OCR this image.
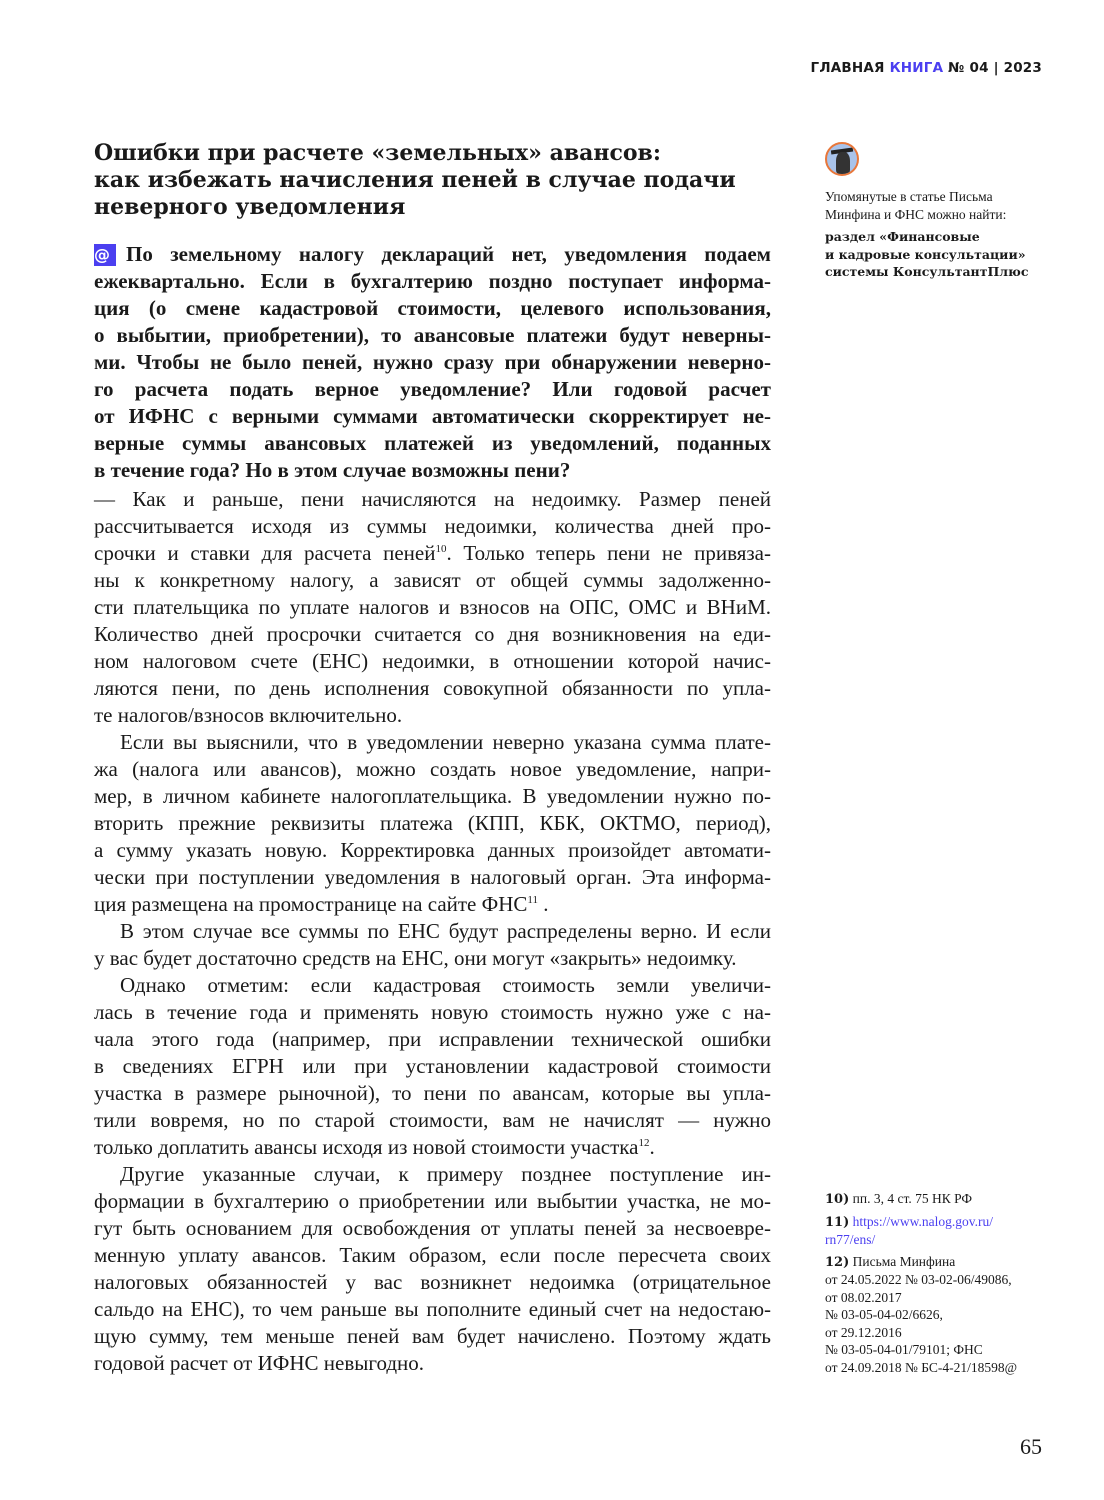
ГЛАВНАЯ КНИГА № 04 | 2023
Ошибки при расчете «земельных» авансов:
как избежать начисления пеней в случае подачи
неверного уведомления
@ По земельному налогу деклараций нет, уведомления подаем
ежеквартально. Если в бухгалтерию поздно поступает информа-
ция (о смене кадастровой стоимости, целевого использования,
о выбытии, приобретении), то авансовые платежи будут неверны-
ми. Чтобы не было пеней, нужно сразу при обнаружении неверно-
го расчета подать верное уведомление? Или годовой расчет
от ИФНС с верными суммами автоматически скорректирует не-
верные суммы авансовых платежей из уведомлений, поданных
в течение года? Но в этом случае возможны пени?
— Как и раньше, пени начисляются на недоимку. Размер пеней
рассчитывается исходя из суммы недоимки, количества дней про-
срочки и ставки для расчета пеней$^{10}$. Только теперь пени не привяза-
ны к конкретному налогу, а зависят от общей суммы задолженно-
сти плательщика по уплате налогов и взносов на ОПС, ОМС и ВНиМ.
Количество дней просрочки считается со дня возникновения на еди-
ном налоговом счете (ЕНС) недоимки, в отношении которой начис-
ляются пени, по день исполнения совокупной обязанности по упла-
те налогов/взносов включительно.
Если вы выяснили, что в уведомлении неверно указана сумма плате-
жа (налога или авансов), можно создать новое уведомление, напри-
мер, в личном кабинете налогоплательщика. В уведомлении нужно по-
вторить прежние реквизиты платежа (КПП, КБК, ОКТМО, период),
а сумму указать новую. Корректировка данных произойдет автомати-
чески при поступлении уведомления в налоговый орган. Эта информа-
ция размещена на промостранице на сайте ФНС$^{11}$ .
В этом случае все суммы по ЕНС будут распределены верно. И если
у вас будет достаточно средств на ЕНС, они могут «закрыть» недоимку.
Однако отметим: если кадастровая стоимость земли увеличи-
лась в течение года и применять новую стоимость нужно уже с на-
чала этого года (например, при исправлении технической ошибки
в сведениях ЕГРН или при установлении кадастровой стоимости
участка в размере рыночной), то пени по авансам, которые вы упла-
тили вовремя, но по старой стоимости, вам не начислят — нужно
только доплатить авансы исходя из новой стоимости участка$^{12}$.
Другие указанные случаи, к примеру позднее поступление ин-
формации в бухгалтерию о приобретении или выбытии участка, не мо-
гут быть основанием для освобождения от уплаты пеней за несвоевре-
менную уплату авансов. Таким образом, если после пересчета своих
налоговых обязанностей у вас возникнет недоимка (отрицательное
сальдо на ЕНС), то чем раньше вы пополните единый счет на недостаю-
щую сумму, тем меньше пеней вам будет начислено. Поэтому ждать
годовой расчет от ИФНС невыгодно.
Упомянутые в статье Письма
Минфина и ФНС можно найти:
раздел «Финансовые
и кадровые консультации»
системы КонсультантПлюс
10) пп. 3, 4 ст. 75 НК РФ
11) https://www.nalog.gov.ru/
rn77/ens/
12) Письма Минфина
от 24.05.2022 № 03-02-06/49086,
от 08.02.2017
№ 03-05-04-02/6626,
от 29.12.2016
№ 03-05-04-01/79101; ФНС
от 24.09.2018 № БС-4-21/18598@
65
